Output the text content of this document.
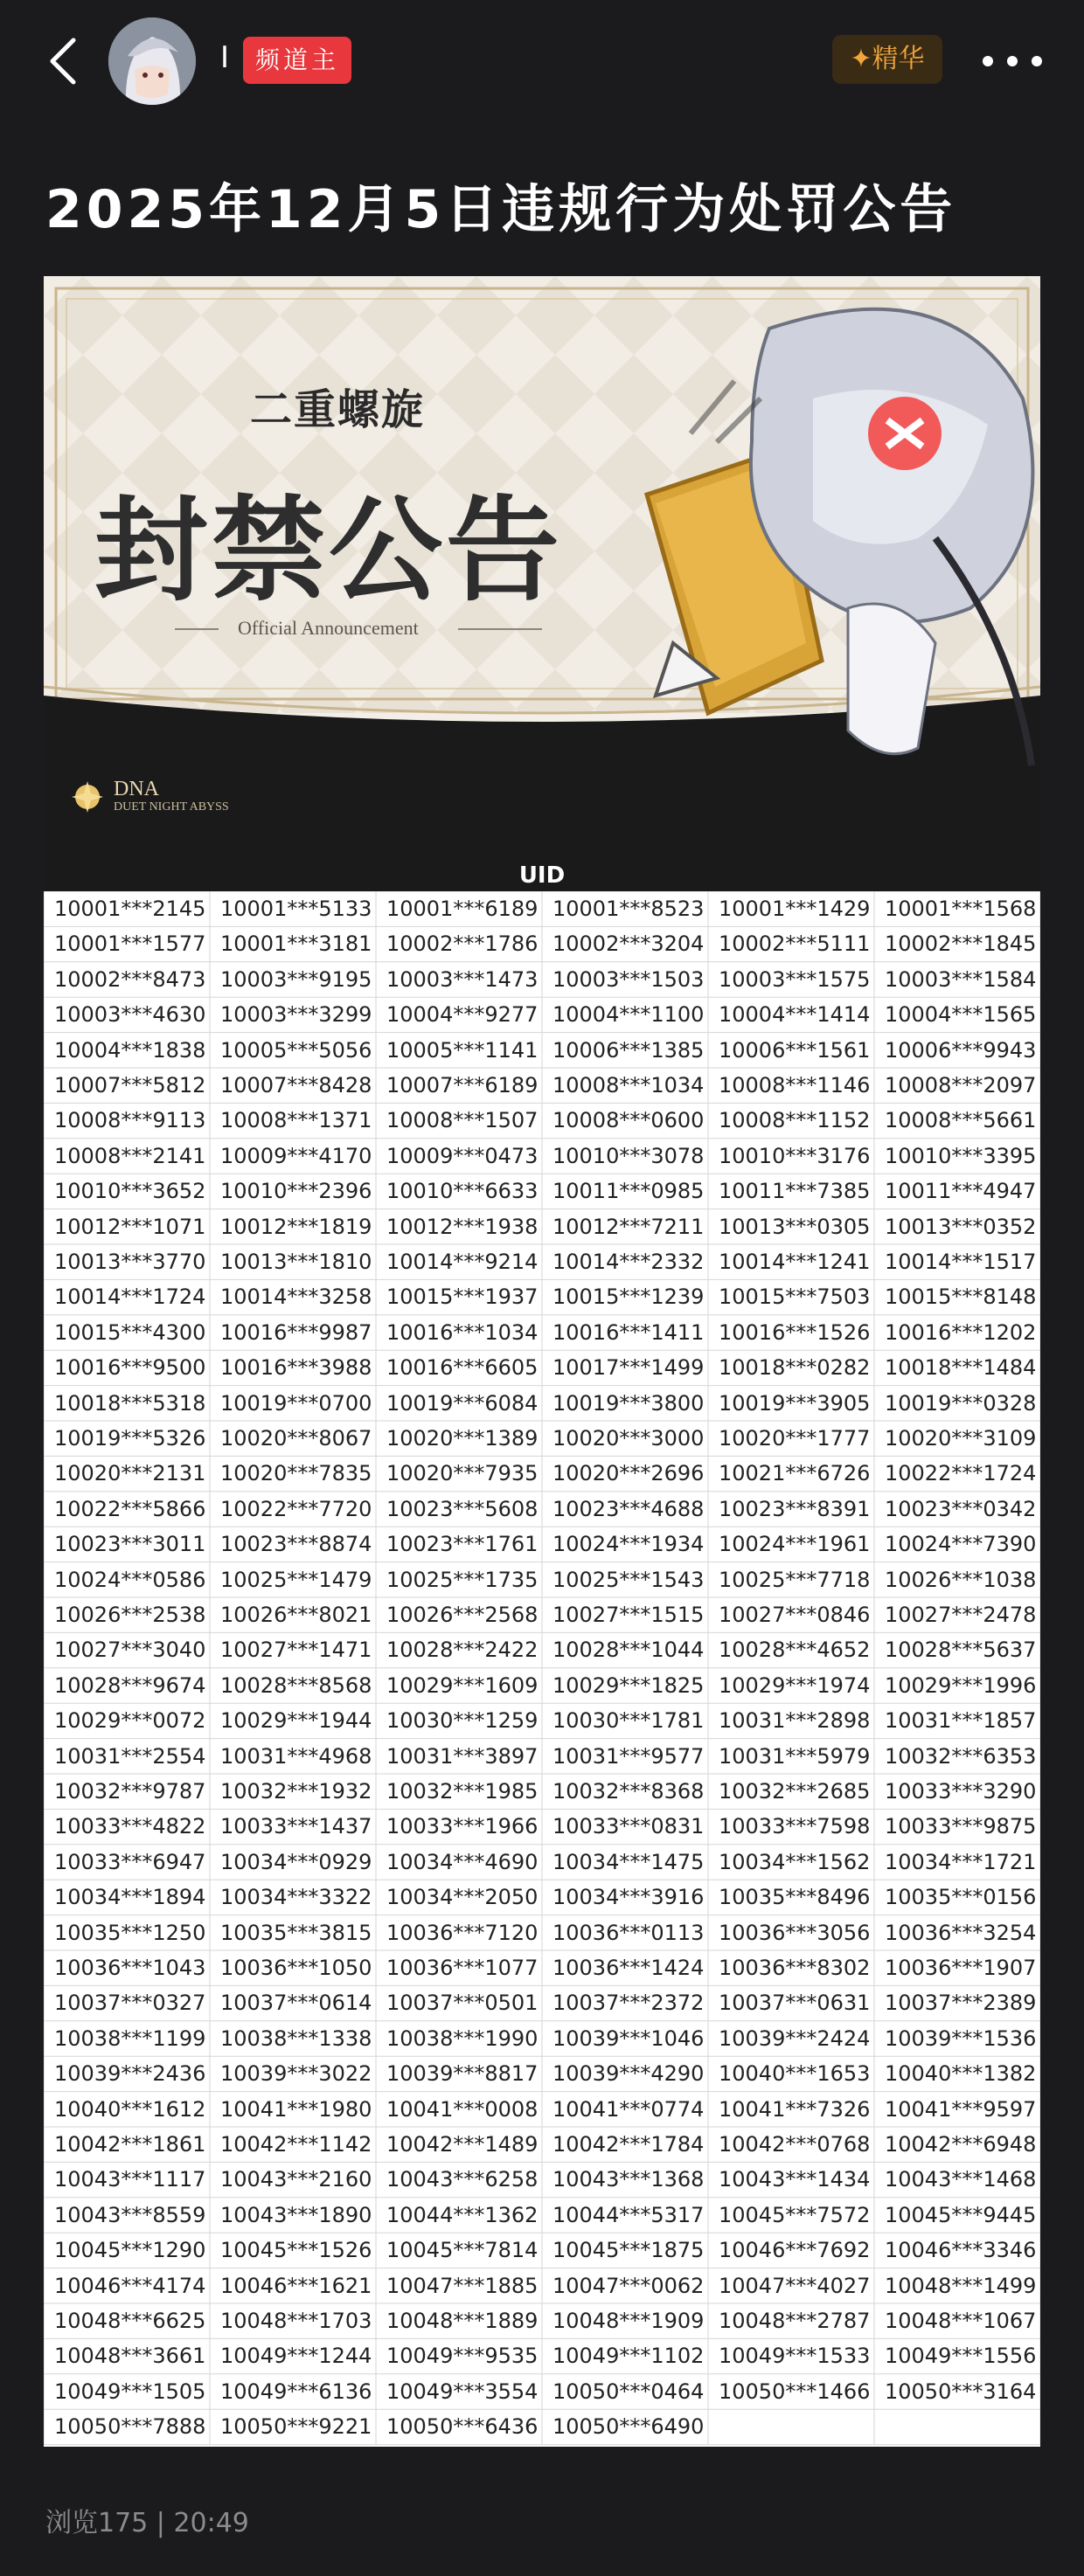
I	频道主	✦精华
2025年12月5日违规行为处罚公告
二重螺旋
封禁公告
Official Announcement
DNA
DUET NIGHT ABYSS
UID
10001***2145 10001***5133 10001***6189 10001***8523 10001***1429 10001***1568
10001***1577 10001***3181 10002***1786 10002***3204 10002***5111 10002***1845
10002***8473 10003***9195 10003***1473 10003***1503 10003***1575 10003***1584
10003***4630 10003***3299 10004***9277 10004***1100 10004***1414 10004***1565
10004***1838 10005***5056 10005***1141 10006***1385 10006***1561 10006***9943
10007***5812 10007***8428 10007***6189 10008***1034 10008***1146 10008***2097
10008***9113 10008***1371 10008***1507 10008***0600 10008***1152 10008***5661
10008***2141 10009***4170 10009***0473 10010***3078 10010***3176 10010***3395
10010***3652 10010***2396 10010***6633 10011***0985 10011***7385 10011***4947
10012***1071 10012***1819 10012***1938 10012***7211 10013***0305 10013***0352
10013***3770 10013***1810 10014***9214 10014***2332 10014***1241 10014***1517
10014***1724 10014***3258 10015***1937 10015***1239 10015***7503 10015***8148
10015***4300 10016***9987 10016***1034 10016***1411 10016***1526 10016***1202
10016***9500 10016***3988 10016***6605 10017***1499 10018***0282 10018***1484
10018***5318 10019***0700 10019***6084 10019***3800 10019***3905 10019***0328
10019***5326 10020***8067 10020***1389 10020***3000 10020***1777 10020***3109
10020***2131 10020***7835 10020***7935 10020***2696 10021***6726 10022***1724
10022***5866 10022***7720 10023***5608 10023***4688 10023***8391 10023***0342
10023***3011 10023***8874 10023***1761 10024***1934 10024***1961 10024***7390
10024***0586 10025***1479 10025***1735 10025***1543 10025***7718 10026***1038
10026***2538 10026***8021 10026***2568 10027***1515 10027***0846 10027***2478
10027***3040 10027***1471 10028***2422 10028***1044 10028***4652 10028***5637
10028***9674 10028***8568 10029***1609 10029***1825 10029***1974 10029***1996
10029***0072 10029***1944 10030***1259 10030***1781 10031***2898 10031***1857
10031***2554 10031***4968 10031***3897 10031***9577 10031***5979 10032***6353
10032***9787 10032***1932 10032***1985 10032***8368 10032***2685 10033***3290
10033***4822 10033***1437 10033***1966 10033***0831 10033***7598 10033***9875
10033***6947 10034***0929 10034***4690 10034***1475 10034***1562 10034***1721
10034***1894 10034***3322 10034***2050 10034***3916 10035***8496 10035***0156
10035***1250 10035***3815 10036***7120 10036***0113 10036***3056 10036***3254
10036***1043 10036***1050 10036***1077 10036***1424 10036***8302 10036***1907
10037***0327 10037***0614 10037***0501 10037***2372 10037***0631 10037***2389
10038***1199 10038***1338 10038***1990 10039***1046 10039***2424 10039***1536
10039***2436 10039***3022 10039***8817 10039***4290 10040***1653 10040***1382
10040***1612 10041***1980 10041***0008 10041***0774 10041***7326 10041***9597
10042***1861 10042***1142 10042***1489 10042***1784 10042***0768 10042***6948
10043***1117 10043***2160 10043***6258 10043***1368 10043***1434 10043***1468
10043***8559 10043***1890 10044***1362 10044***5317 10045***7572 10045***9445
10045***1290 10045***1526 10045***7814 10045***1875 10046***7692 10046***3346
10046***4174 10046***1621 10047***1885 10047***0062 10047***4027 10048***1499
10048***6625 10048***1703 10048***1889 10048***1909 10048***2787 10048***1067
10048***3661 10049***1244 10049***9535 10049***1102 10049***1533 10049***1556
10049***1505 10049***6136 10049***3554 10050***0464 10050***1466 10050***3164
10050***7888 10050***9221 10050***6436 10050***6490
浏览175 | 20:49
